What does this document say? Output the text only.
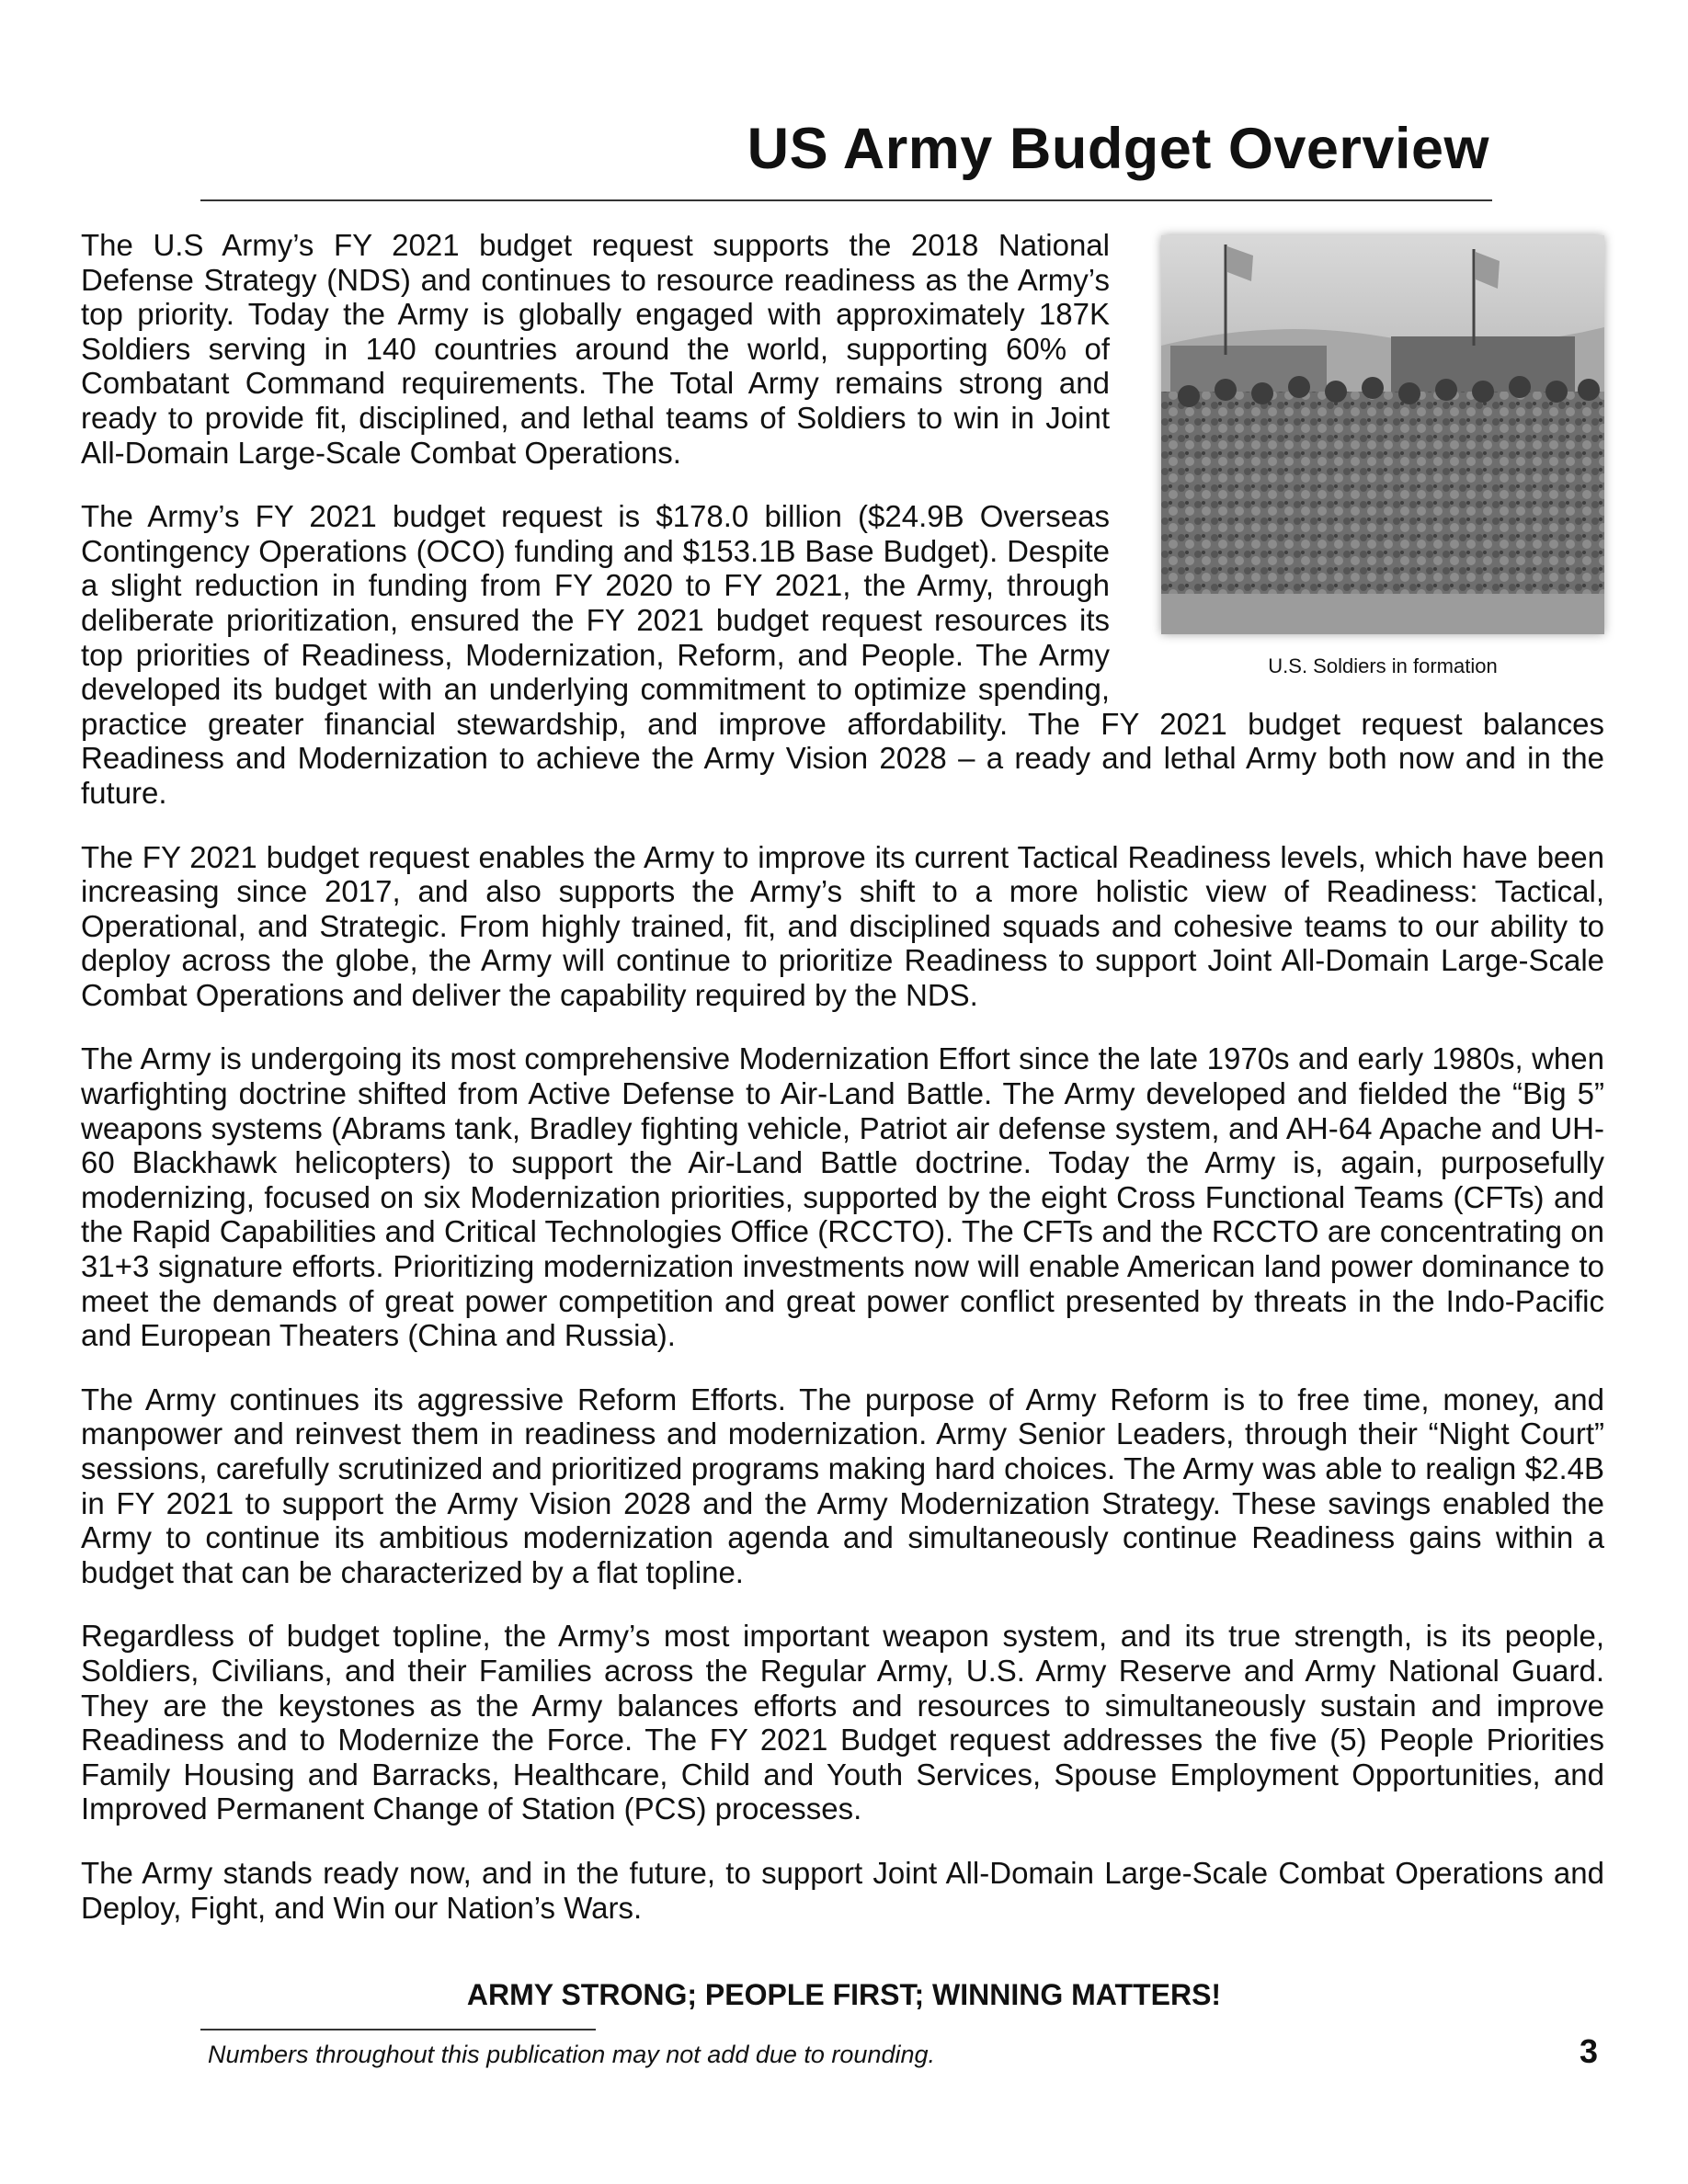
US Army Budget Overview
U.S. Soldiers in formation

The U.S Army’s FY 2021 budget request supports the 2018 National Defense Strategy (NDS) and continues to resource readiness as the Army’s top priority. Today the Army is globally engaged with approximately 187K Soldiers serving in 140 countries around the world, supporting 60% of Combatant Command requirements. The Total Army remains strong and ready to provide fit, disciplined, and lethal teams of Soldiers to win in Joint All-Domain Large-Scale Combat Operations.

The Army’s FY 2021 budget request is $178.0 billion ($24.9B Overseas Contingency Operations (OCO) funding and $153.1B Base Budget). Despite a slight reduction in funding from FY 2020 to FY 2021, the Army, through deliberate prioritization, ensured the FY 2021 budget request resources its top priorities of Readiness, Modernization, Reform, and People. The Army developed its budget with an underlying commitment to optimize spending, practice greater financial stewardship, and improve affordability. The FY 2021 budget request balances Readiness and Modernization to achieve the Army Vision 2028 – a ready and lethal Army both now and in the future.

The FY 2021 budget request enables the Army to improve its current Tactical Readiness levels, which have been increasing since 2017, and also supports the Army’s shift to a more holistic view of Readiness: Tactical, Operational, and Strategic. From highly trained, fit, and disciplined squads and cohesive teams to our ability to deploy across the globe, the Army will continue to prioritize Readiness to support Joint All-Domain Large-Scale Combat Operations and deliver the capability required by the NDS.

The Army is undergoing its most comprehensive Modernization Effort since the late 1970s and early 1980s, when warfighting doctrine shifted from Active Defense to Air-Land Battle. The Army developed and fielded the “Big 5” weapons systems (Abrams tank, Bradley fighting vehicle, Patriot air defense system, and AH-64 Apache and UH-60 Blackhawk helicopters) to support the Air-Land Battle doctrine. Today the Army is, again, purposefully modernizing, focused on six Modernization priorities, supported by the eight Cross Functional Teams (CFTs) and the Rapid Capabilities and Critical Technologies Office (RCCTO). The CFTs and the RCCTO are concentrating on 31+3 signature efforts. Prioritizing modernization investments now will enable American land power dominance to meet the demands of great power competition and great power conflict presented by threats in the Indo-Pacific and European Theaters (China and Russia).

The Army continues its aggressive Reform Efforts. The purpose of Army Reform is to free time, money, and manpower and reinvest them in readiness and modernization. Army Senior Leaders, through their “Night Court” sessions, carefully scrutinized and prioritized programs making hard choices. The Army was able to realign $2.4B in FY 2021 to support the Army Vision 2028 and the Army Modernization Strategy. These savings enabled the Army to continue its ambitious modernization agenda and simultaneously continue Readiness gains within a budget that can be characterized by a flat topline.

Regardless of budget topline, the Army’s most important weapon system, and its true strength, is its people, Soldiers, Civilians, and their Families across the Regular Army, U.S. Army Reserve and Army National Guard. They are the keystones as the Army balances efforts and resources to simultaneously sustain and improve Readiness and to Modernize the Force. The FY 2021 Budget request addresses the five (5) People Priorities Family Housing and Barracks, Healthcare, Child and Youth Services, Spouse Employment Opportunities, and Improved Permanent Change of Station (PCS) processes.

The Army stands ready now, and in the future, to support Joint All-Domain Large-Scale Combat Operations and Deploy, Fight, and Win our Nation’s Wars.

ARMY STRONG; PEOPLE FIRST; WINNING MATTERS!
Numbers throughout this publication may not add due to rounding.	3
